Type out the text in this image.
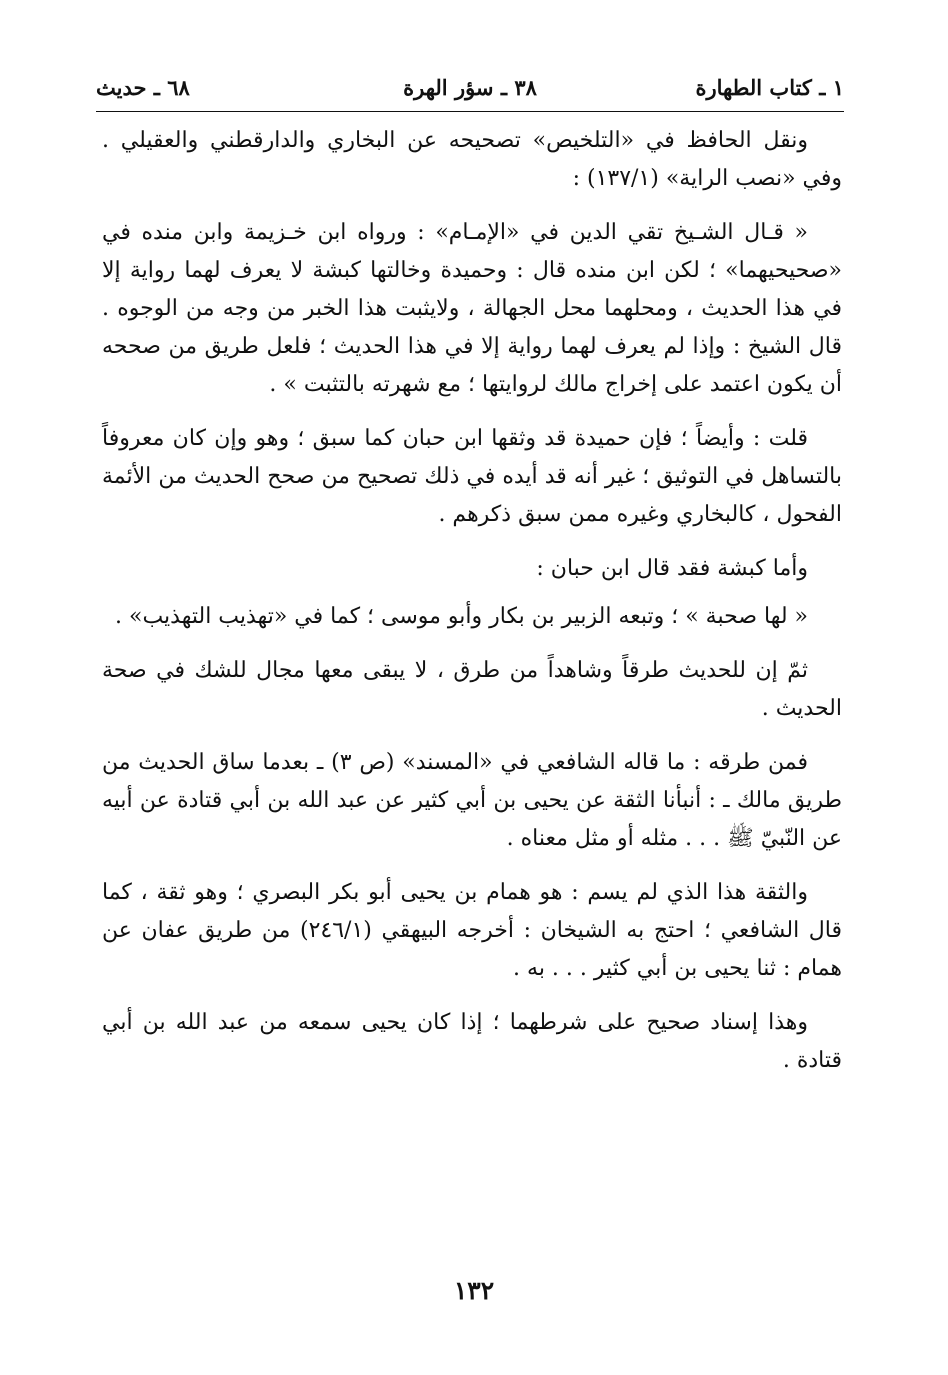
١ ـ كتاب الطهارة
٣٨ ـ سؤر الهرة
٦٨ ـ حديث

ونقل الحافظ في «التلخيص» تصحيحه عن البخاري والدارقطني والعقيلي . وفي «نصب الراية» (١٣٧/١) :

« قـال الشـيخ تقي الدين في «الإمـام» : ورواه ابن خـزيمة وابن منده في «صحيحيهما» ؛ لكن ابن منده قال : وحميدة وخالتها كبشة لا يعرف لهما رواية إلا في هذا الحديث ، ومحلهما محل الجهالة ، ولايثبت هذا الخبر من وجه من الوجوه . قال الشيخ : وإذا لم يعرف لهما رواية إلا في هذا الحديث ؛ فلعل طريق من صححه أن يكون اعتمد على إخراج مالك لروايتها ؛ مع شهرته بالتثبت » .

قلت : وأيضاً ؛ فإن حميدة قد وثقها ابن حبان كما سبق ؛ وهو وإن كان معروفاً بالتساهل في التوثيق ؛ غير أنه قد أيده في ذلك تصحيح من صحح الحديث من الأئمة الفحول ، كالبخاري وغيره ممن سبق ذكرهم .

وأما كبشة فقد قال ابن حبان :

« لها صحبة » ؛ وتبعه الزبير بن بكار وأبو موسى ؛ كما في «تهذيب التهذيب» .

ثمّ إن للحديث طرقاً وشاهداً من طرق ، لا يبقى معها مجال للشك في صحة الحديث .

فمن طرقه : ما قاله الشافعي في «المسند» (ص ٣) ـ بعدما ساق الحديث من طريق مالك ـ : أنبأنا الثقة عن يحيى بن أبي كثير عن عبد الله بن أبي قتادة عن أبيه عن النّبيّ ﷺ . . . مثله أو مثل معناه .

والثقة هذا الذي لم يسم : هو همام بن يحيى أبو بكر البصري ؛ وهو ثقة ، كما قال الشافعي ؛ احتج به الشيخان : أخرجه البيهقي (٢٤٦/١) من طريق عفان عن همام : ثنا يحيى بن أبي كثير . . . به .

وهذا إسناد صحيح على شرطهما ؛ إذا كان يحيى سمعه من عبد الله بن أبي قتادة .

١٣٢
